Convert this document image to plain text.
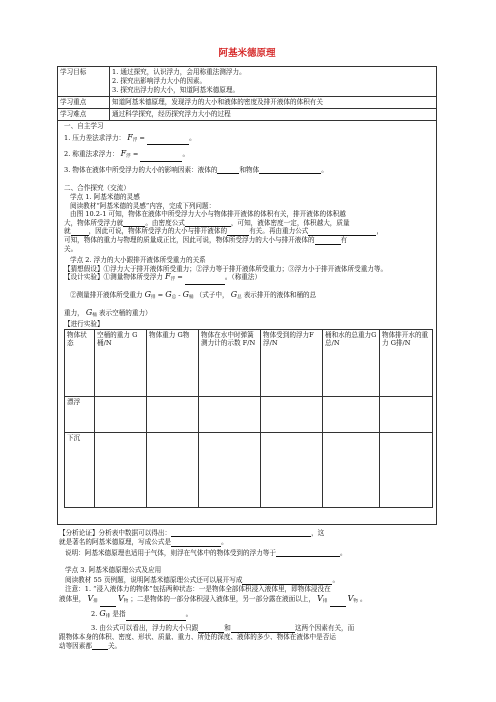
阿基米德原理
学习目标	1. 通过探究，认识浮力，会用称重法测浮力。
2. 探究出影响浮力大小的因素。
3. 探究出浮力的大小，知道阿基米德原理。

学习重点	知道阿基米德原理，发现浮力的大小和液体的密度及排开液体的体积有关
学习难点	通过科学探究，经历探究浮力大小的过程
一、自主学习
1. 压力差法求浮力： $F_浮$ =	。
2. 称重法求浮力： $F_浮$ =	。
3. 物体在液体中所受浮力的大小的影响因素：液体的	和物体	。
二、合作探究（交流）
学点 1. 阿基米德的灵感
阅读教材“阿基米德的灵感”内容，完成下列问题：
由图 10.2-1 可知，物体在液体中所受浮力大小与物体排开液体的体积有关，排开液体的体积越
大，物体所受浮力就	。由密度公式	，可知，液体密度一定，体积越大，质量
就	，因此可说，物体所受浮力的大小与排开液体的	有关。再由重力公式	，
可知，物体的重力与物理的质量成正比，因此可说，物体所受浮力的大小与排开液体的	有
关。
学点 2. 浮力的大小跟排开液体所受重力的关系
【猜想假设】①浮力大于排开液体所受重力；②浮力等于排开液体所受重力；③浮力小于排开液体所受重力等。
【设计实验】①测量物体所受浮力 $F_浮$ =	。（称重法）
②测量排开液体所受重力 $G_排 = G_总 - G_桶$ （式子中， $G_总$ 表示排开的液体和桶的总
重力， $G_桶$ 表示空桶的重力）
【进行实验】
物体状态	空桶的重力 G桶/N	物体重力 G物	物体在水中时弹簧测力计的示数 F/N	物体受到的浮力F浮/N	桶和水的总重力G总/N	物体排开水的重力 G排/N
漂浮						
下沉						
【分析论证】分析表中数据可以得出：	，这
就是著名的阿基米德原理，写成公式是	。
说明：阿基米德原理也适用于气体，则浮在气体中的物体受到的浮力等于	。
学点 3. 阿基米德原理公式及应用
阅读教材 55 页例题，说明阿基米德原理公式还可以展开写成	。
注意：1. “浸入液体力的物体”包括两种状态：一是物体全部体积浸入液体里，即物体浸没在
液体里， $V_排$	$V_物$ ；二是物体的一部分体积浸入液体里，另一部分露在液面以上， $V_排$	$V_物$ 。
2. $G_排$ 是指	。
3. 由公式可以看出，浮力的大小只跟	和	这两个因素有关，而
跟物体本身的体积、密度、形状、质量、重力、所处的深度、液体的多少、物体在液体中是否运
动等因素都 关。
